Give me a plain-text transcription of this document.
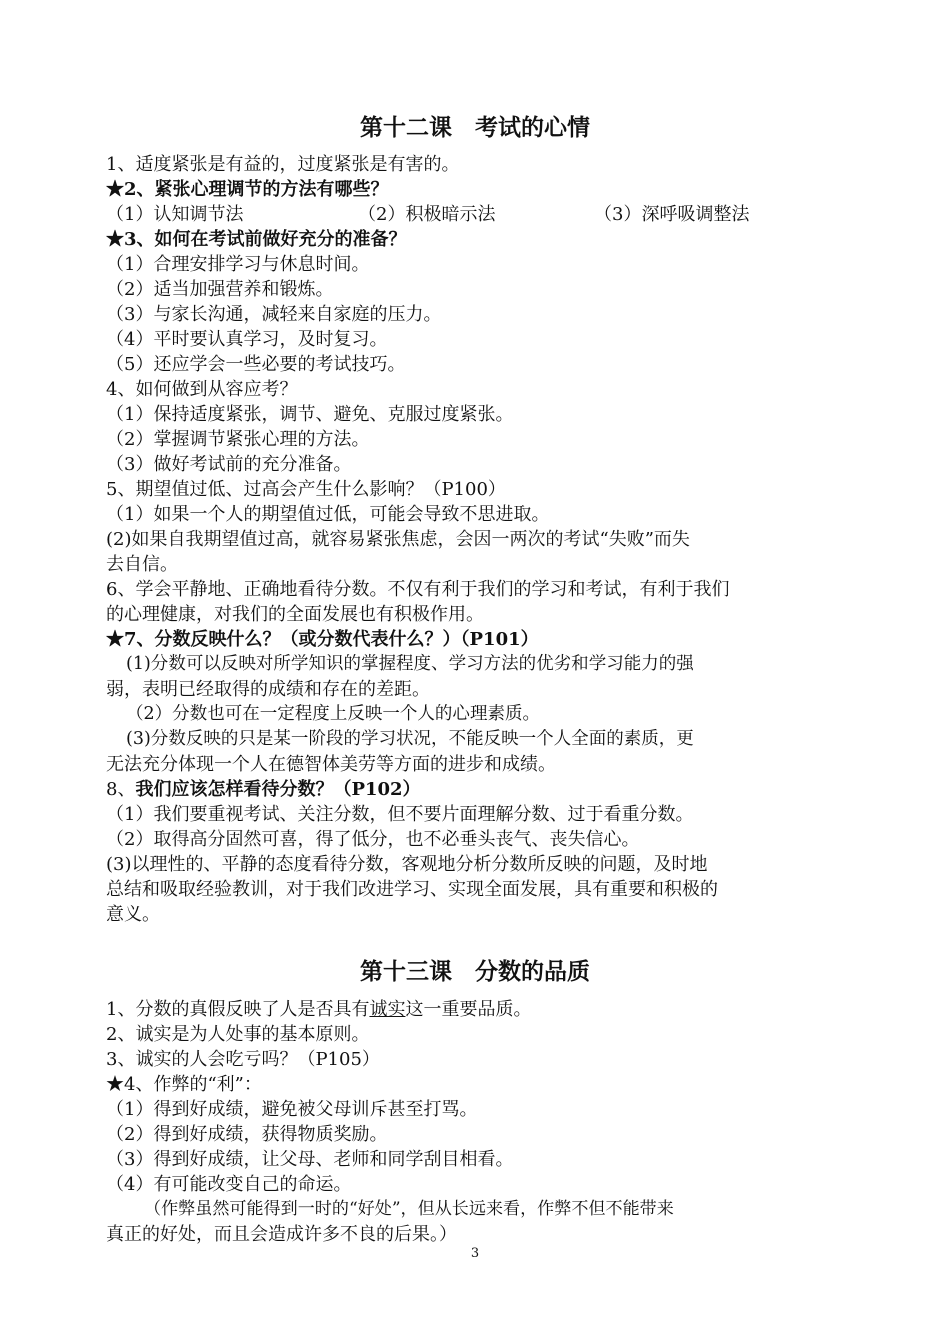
第十二课　考试的心情
1、适度紧张是有益的，过度紧张是有害的。
★2、紧张心理调节的方法有哪些？
（1）认知调节法	（2）积极暗示法	（3）深呼吸调整法
★3、如何在考试前做好充分的准备？
（1）合理安排学习与休息时间。
（2）适当加强营养和锻炼。
（3）与家长沟通，减轻来自家庭的压力。
（4）平时要认真学习，及时复习。
（5）还应学会一些必要的考试技巧。
4、如何做到从容应考？
（1）保持适度紧张，调节、避免、克服过度紧张。
（2）掌握调节紧张心理的方法。
（3）做好考试前的充分准备。
5、期望值过低、过高会产生什么影响？（P100）
（1）如果一个人的期望值过低，可能会导致不思进取。
(2)如果自我期望值过高，就容易紧张焦虑，会因一两次的考试“失败”而失
去自信。
6、学会平静地、正确地看待分数。不仅有利于我们的学习和考试，有利于我们
的心理健康，对我们的全面发展也有积极作用。
★7、分数反映什么？（或分数代表什么？）（P101）
(1)分数可以反映对所学知识的掌握程度、学习方法的优劣和学习能力的强
弱，表明已经取得的成绩和存在的差距。
（2）分数也可在一定程度上反映一个人的心理素质。
(3)分数反映的只是某一阶段的学习状况，不能反映一个人全面的素质，更
无法充分体现一个人在德智体美劳等方面的进步和成绩。
8、我们应该怎样看待分数？（P102）
（1）我们要重视考试、关注分数，但不要片面理解分数、过于看重分数。
（2）取得高分固然可喜，得了低分，也不必垂头丧气、丧失信心。
(3)以理性的、平静的态度看待分数，客观地分析分数所反映的问题，及时地
总结和吸取经验教训，对于我们改进学习、实现全面发展，具有重要和积极的
意义。
第十三课　分数的品质
1、分数的真假反映了人是否具有诚实这一重要品质。
2、诚实是为人处事的基本原则。
3、诚实的人会吃亏吗？（P105）
★4、作弊的“利”：
（1）得到好成绩，避免被父母训斥甚至打骂。
（2）得到好成绩，获得物质奖励。
（3）得到好成绩，让父母、老师和同学刮目相看。
（4）有可能改变自己的命运。
（作弊虽然可能得到一时的“好处”，但从长远来看，作弊不但不能带来
真正的好处，而且会造成许多不良的后果。）
3
